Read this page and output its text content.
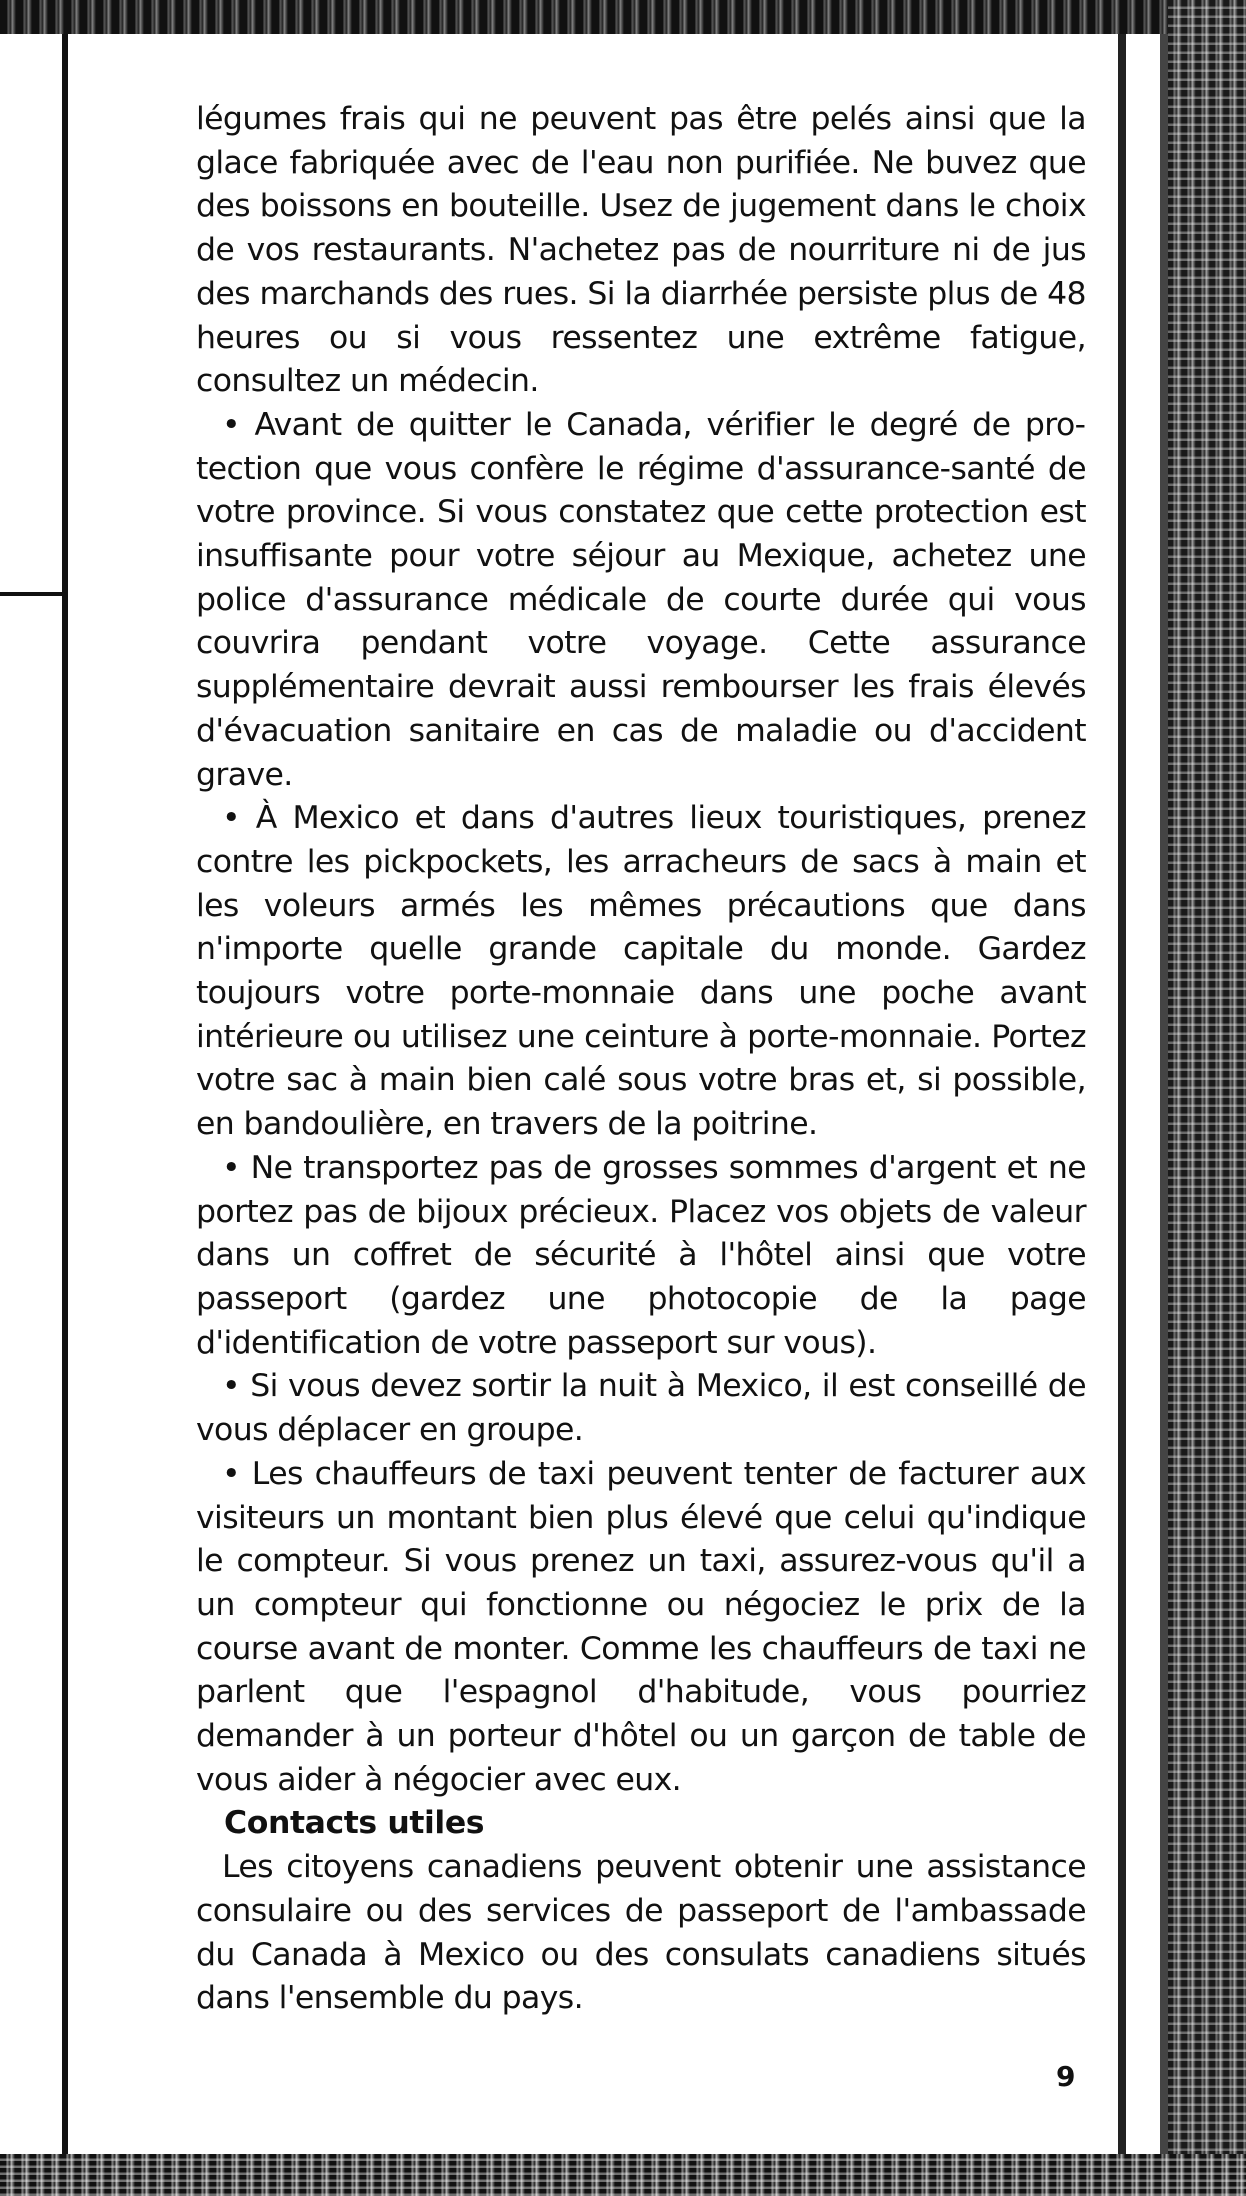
légumes frais qui ne peuvent pas être pelés ainsi que la glace fabriquée avec de l'eau non purifiée. Ne buvez que des boissons en bouteille. Usez de jugement dans le choix de vos restaurants. N'achetez pas de nourriture ni de jus des marchands des rues. Si la diarrhée persiste plus de 48 heures ou si vous ressentez une extrême fatigue, consultez un médecin.

• Avant de quitter le Canada, vérifier le degré de protection que vous confère le régime d'assurance-santé de votre province. Si vous constatez que cette protection est insuffisante pour votre séjour au Mexique, achetez une police d'assurance médicale de courte durée qui vous couvrira pendant votre voyage. Cette assurance supplémentaire devrait aussi rembourser les frais élevés d'évacuation sanitaire en cas de maladie ou d'accident grave.

• À Mexico et dans d'autres lieux touristiques, prenez contre les pickpockets, les arracheurs de sacs à main et les voleurs armés les mêmes précautions que dans n'importe quelle grande capitale du monde. Gardez toujours votre porte-monnaie dans une poche avant intérieure ou utilisez une ceinture à porte-monnaie. Portez votre sac à main bien calé sous votre bras et, si possible, en bandoulière, en travers de la poitrine.

• Ne transportez pas de grosses sommes d'argent et ne portez pas de bijoux précieux. Placez vos objets de valeur dans un coffret de sécurité à l'hôtel ainsi que votre passeport (gardez une photocopie de la page d'identification de votre passeport sur vous).

• Si vous devez sortir la nuit à Mexico, il est conseillé de vous déplacer en groupe.

• Les chauffeurs de taxi peuvent tenter de facturer aux visiteurs un montant bien plus élevé que celui qu'indique le compteur. Si vous prenez un taxi, assurez-vous qu'il a un compteur qui fonctionne ou négociez le prix de la course avant de monter. Comme les chauffeurs de taxi ne parlent que l'espagnol d'habitude, vous pourriez demander à un porteur d'hôtel ou un garçon de table de vous aider à négocier avec eux.

Contacts utiles

Les citoyens canadiens peuvent obtenir une assistance consulaire ou des services de passeport de l'ambassade du Canada à Mexico ou des consulats canadiens situés dans l'ensemble du pays.

9
